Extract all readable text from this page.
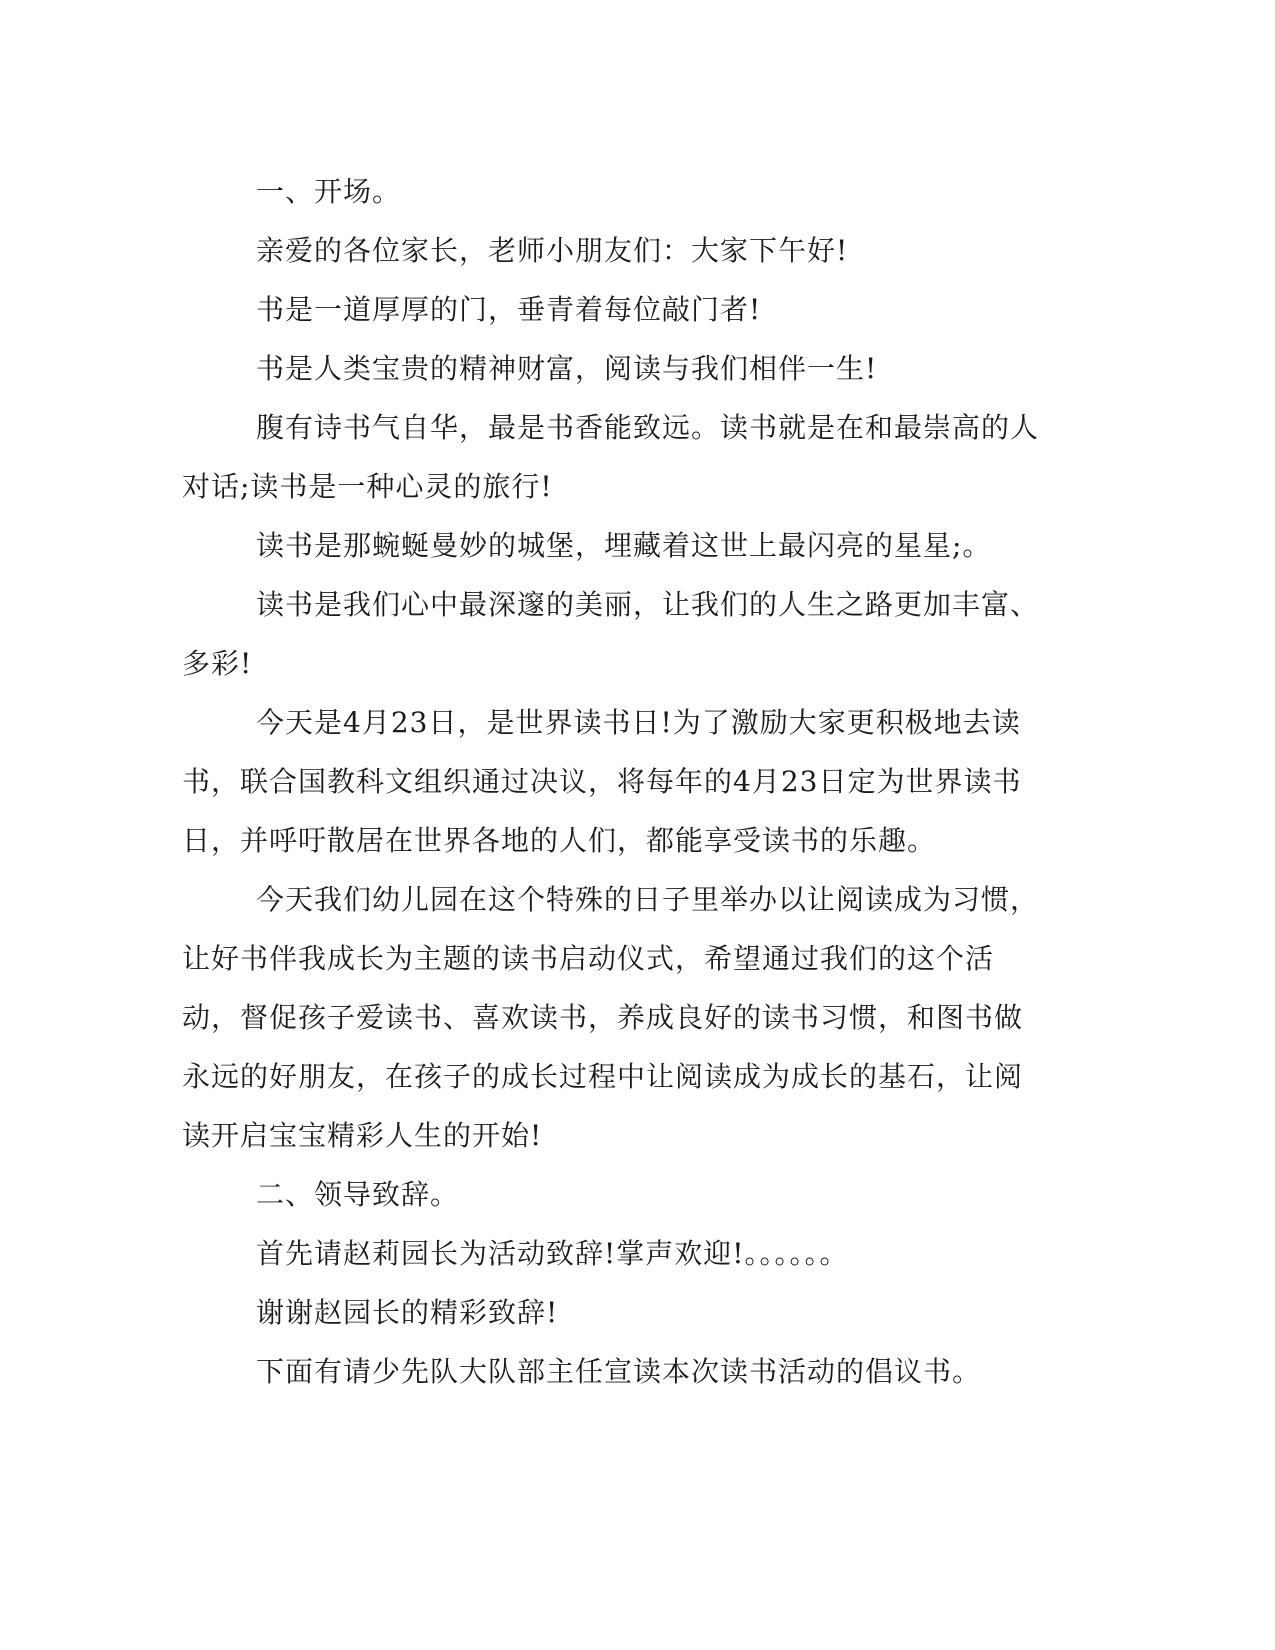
一、开场。

亲爱的各位家长，老师小朋友们：大家下午好!

书是一道厚厚的门，垂青着每位敲门者!

书是人类宝贵的精神财富，阅读与我们相伴一生!

腹有诗书气自华，最是书香能致远。读书就是在和最崇高的人对话;读书是一种心灵的旅行!

读书是那蜿蜒曼妙的城堡，埋藏着这世上最闪亮的星星;。

读书是我们心中最深邃的美丽，让我们的人生之路更加丰富、多彩!

今天是4月23日，是世界读书日!为了激励大家更积极地去读书，联合国教科文组织通过决议，将每年的4月23日定为世界读书日，并呼吁散居在世界各地的人们，都能享受读书的乐趣。

今天我们幼儿园在这个特殊的日子里举办以让阅读成为习惯，让好书伴我成长为主题的读书启动仪式，希望通过我们的这个活动，督促孩子爱读书、喜欢读书，养成良好的读书习惯，和图书做永远的好朋友，在孩子的成长过程中让阅读成为成长的基石，让阅读开启宝宝精彩人生的开始!

二、领导致辞。

首先请赵莉园长为活动致辞!掌声欢迎!。。。。。。

谢谢赵园长的精彩致辞!

下面有请少先队大队部主任宣读本次读书活动的倡议书。
